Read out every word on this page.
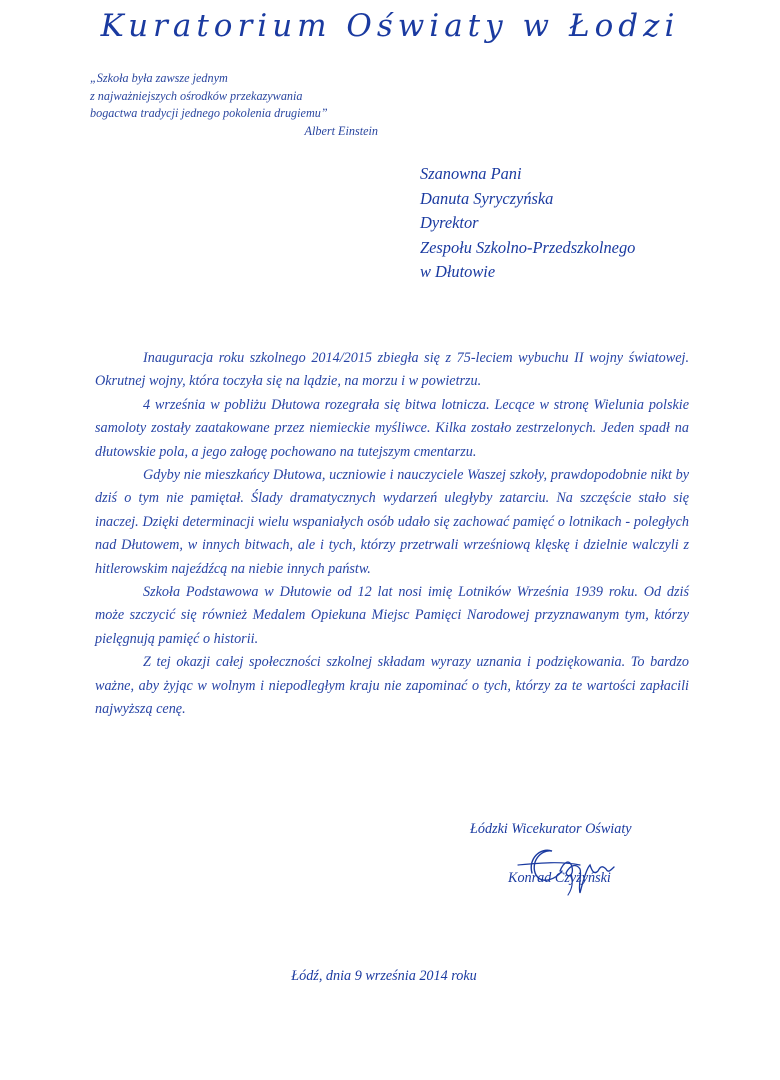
Kuratorium Oświaty w Łodzi
„Szkoła była zawsze jednym
z najważniejszych ośrodków przekazywania
bogactwa tradycji jednego pokolenia drugiemu”
Albert Einstein
Szanowna Pani
Danuta Syryczyńska
Dyrektor
Zespołu Szkolno-Przedszkolnego
w Dłutowie

Inauguracja roku szkolnego 2014/2015 zbiegła się z 75-leciem wybuchu II wojny światowej. Okrutnej wojny, która toczyła się na lądzie, na morzu i w powietrzu.

4 września w pobliżu Dłutowa rozegrała się bitwa lotnicza. Lecące w stronę Wielunia polskie samoloty zostały zaatakowane przez niemieckie myśliwce. Kilka zostało zestrzelonych. Jeden spadł na dłutowskie pola, a jego załogę pochowano na tutejszym cmentarzu.

Gdyby nie mieszkańcy Dłutowa, uczniowie i nauczyciele Waszej szkoły, prawdopodobnie nikt by dziś o tym nie pamiętał. Ślady dramatycznych wydarzeń uległyby zatarciu. Na szczęście stało się inaczej. Dzięki determinacji wielu wspaniałych osób udało się zachować pamięć o lotnikach - poległych nad Dłutowem, w innych bitwach, ale i tych, którzy przetrwali wrześniową klęskę i dzielnie walczyli z hitlerowskim najeźdźcą na niebie innych państw.

Szkoła Podstawowa w Dłutowie od 12 lat nosi imię Lotników Września 1939 roku. Od dziś może szczycić się również Medalem Opiekuna Miejsc Pamięci Narodowej przyznawanym tym, którzy pielęgnują pamięć o historii.

Z tej okazji całej społeczności szkolnej składam wyrazy uznania i podziękowania. To bardzo ważne, aby żyjąc w wolnym i niepodległym kraju nie zapominać o tych, którzy za te wartości zapłacili najwyższą cenę.

Łódzki Wicekurator Oświaty
Konrad Czyżyński
Łódź, dnia 9 września 2014 roku
